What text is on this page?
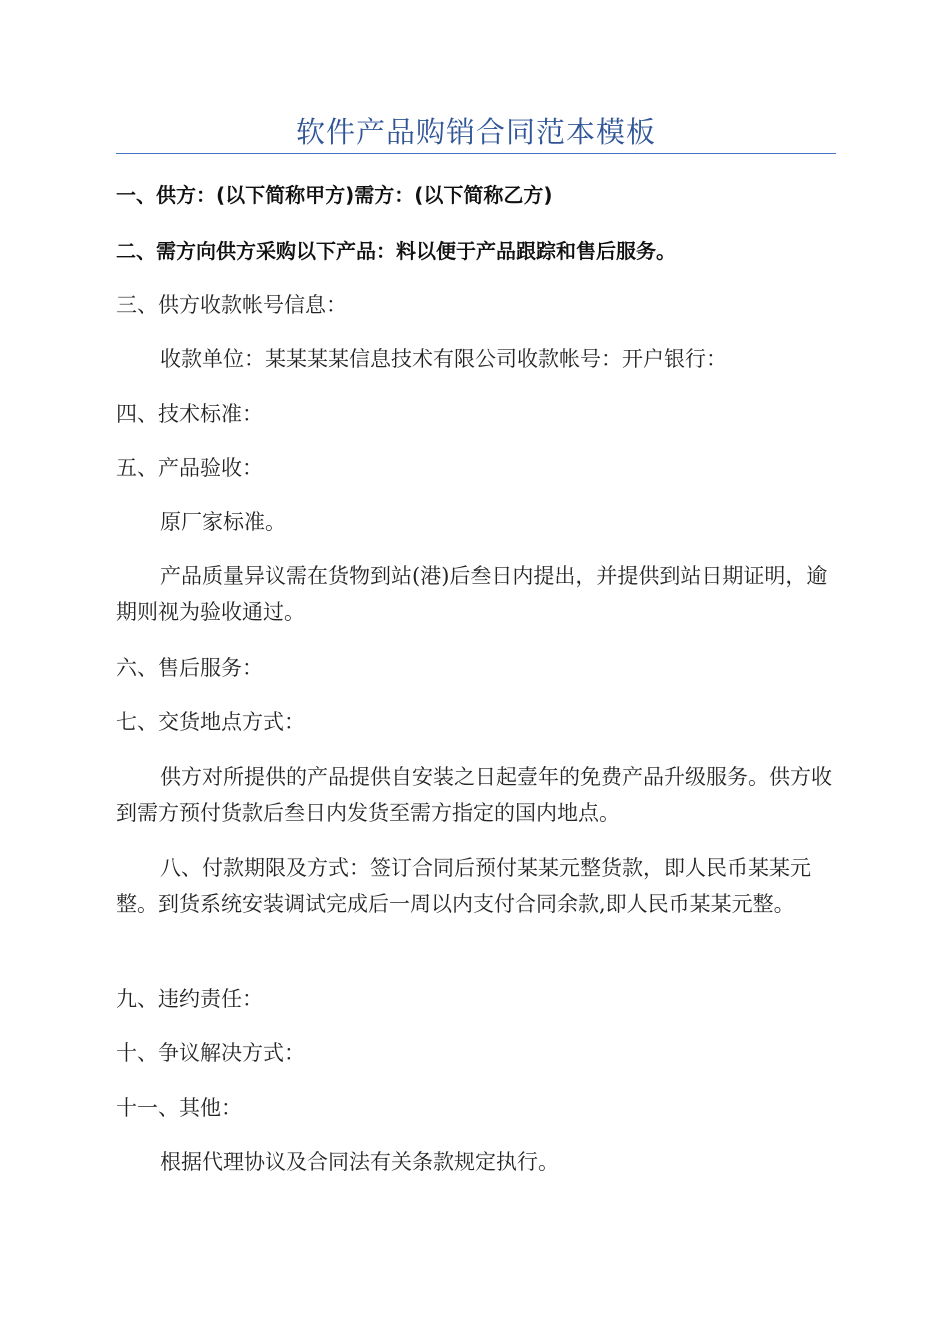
软件产品购销合同范本模板
一、供方：(以下简称甲方)需方：(以下简称乙方)
二、需方向供方采购以下产品：料以便于产品跟踪和售后服务。
三、供方收款帐号信息：
收款单位：某某某某信息技术有限公司收款帐号：开户银行：
四、技术标准：
五、产品验收：
原厂家标准。
产品质量异议需在货物到站(港)后叁日内提出，并提供到站日期证明，逾期则视为验收通过。
六、售后服务：
七、交货地点方式：
供方对所提供的产品提供自安装之日起壹年的免费产品升级服务。供方收到需方预付货款后叁日内发货至需方指定的国内地点。
八、付款期限及方式：签订合同后预付某某元整货款，即人民币某某元整。到货系统安装调试完成后一周以内支付合同余款,即人民币某某元整。
九、违约责任：
十、争议解决方式：
十一、其他：
根据代理协议及合同法有关条款规定执行。
